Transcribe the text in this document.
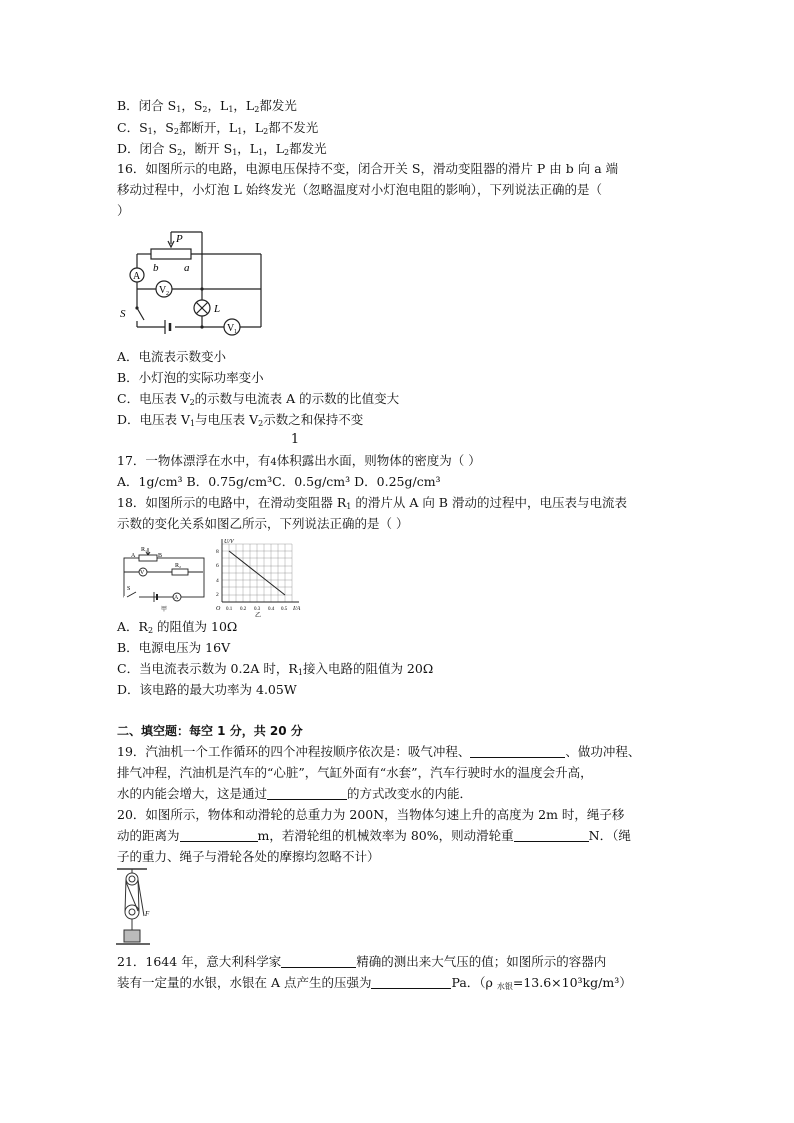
B．闭合 $S_1$，$S_2$，$L_1$，$L_2$都发光
C．$S_1$，$S_2$都断开，$L_1$，$L_2$都不发光
D．闭合 $S_2$，断开 $S_1$，$L_1$，$L_2$都发光
16．如图所示的电路，电源电压保持不变，闭合开关 S，滑动变阻器的滑片 P 由 b 向 a 端
移动过程中，小灯泡 L 始终发光（忽略温度对小灯泡电阻的影响），下列说法正确的是（
）
P
b a
A
V 2
L
S
V 1
A．电流表示数变小
B．小灯泡的实际功率变小
C．电压表 $V_2$的示数与电流表 A 的示数的比值变大
D．电压表 $V_1$与电压表 $V_2$示数之和保持不变
1
17．一物体漂浮在水中，有4体积露出水面，则物体的密度为（ ）
A．1g/cm³ B．0.75g/cm³C．0.5g/cm³ D．0.25g/cm³
18．如图所示的电路中，在滑动变阻器 $R_1$ 的滑片从 A 向 B 滑动的过程中，电压表与电流表
示数的变化关系如图乙所示，下列说法正确的是（ ）
R₁
A	B
V
R₂
S
A
甲
U/V
I/A
O
8
6
4
2
0.1 0.2 0.3 0.4 0.5
乙
A．$R_2$ 的阻值为 10Ω
B．电源电压为 16V
C．当电流表示数为 0.2A 时，$R_1$接入电路的阻值为 20Ω
D．该电路的最大功率为 4.05W
二、填空题：每空 1 分，共 20 分
19．汽油机一个工作循环的四个冲程按顺序依次是：吸气冲程、	、做功冲程、
排气冲程，汽油机是汽车的“心脏”，气缸外面有“水套”，汽车行驶时水的温度会升高，
水的内能会增大，这是通过	的方式改变水的内能．
20．如图所示，物体和动滑轮的总重力为 200N，当物体匀速上升的高度为 2m 时，绳子移
动的距离为	m，若滑轮组的机械效率为 80%，则动滑轮重	N．（绳
子的重力、绳子与滑轮各处的摩擦均忽略不计）
F
21．1644 年，意大利科学家	精确的测出来大气压的值；如图所示的容器内
装有一定量的水银，水银在 A 点产生的压强为	Pa．（ρ $_{水银}$=13.6×10³kg/m³）
